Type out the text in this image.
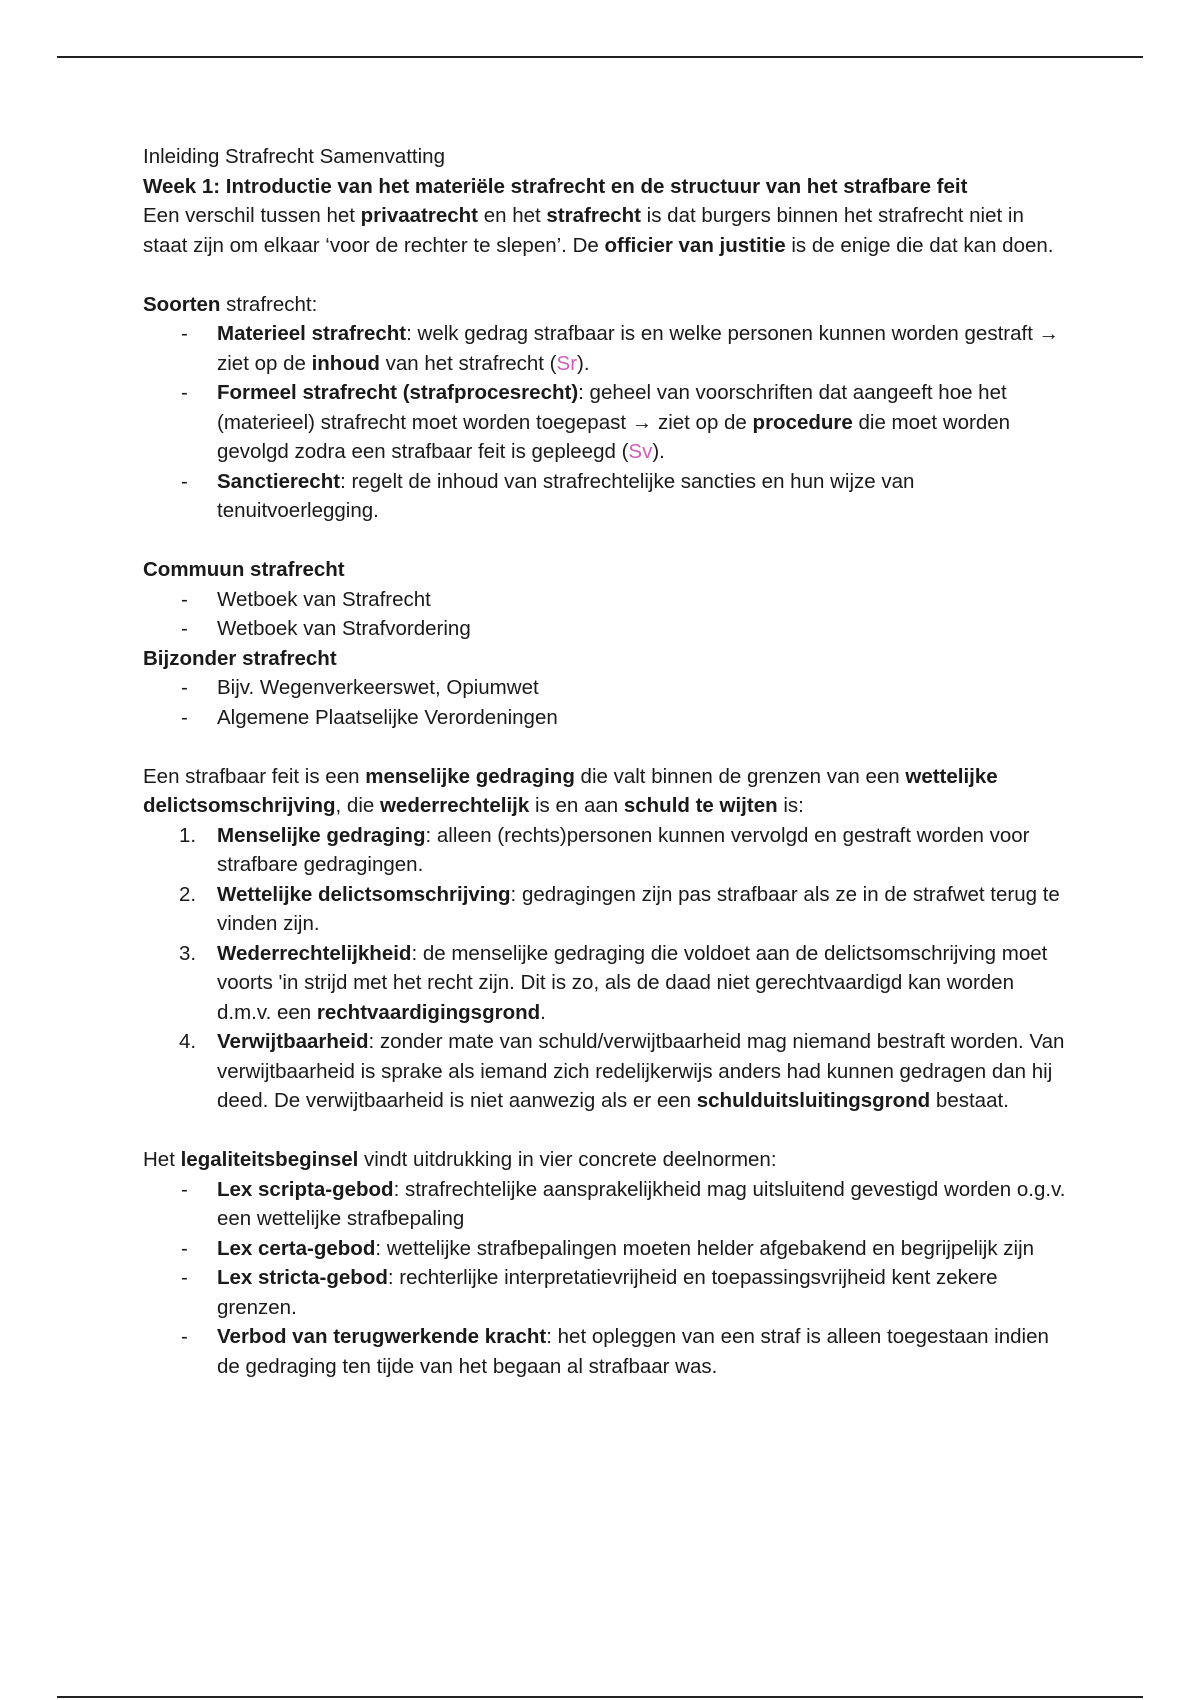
Inleiding Strafrecht Samenvatting

Week 1: Introductie van het materiële strafrecht en de structuur van het strafbare feit

Een verschil tussen het privaatrecht en het strafrecht is dat burgers binnen het strafrecht niet in staat zijn om elkaar ‘voor de rechter te slepen’. De officier van justitie is de enige die dat kan doen.

Soorten strafrecht:

- Materieel strafrecht: welk gedrag strafbaar is en welke personen kunnen worden gestraft → ziet op de inhoud van het strafrecht (Sr).
- Formeel strafrecht (strafprocesrecht): geheel van voorschriften dat aangeeft hoe het (materieel) strafrecht moet worden toegepast → ziet op de procedure die moet worden gevolgd zodra een strafbaar feit is gepleegd (Sv).
- Sanctierecht: regelt de inhoud van strafrechtelijke sancties en hun wijze van tenuitvoerlegging.

Commuun strafrecht

- Wetboek van Strafrecht
- Wetboek van Strafvordering

Bijzonder strafrecht

- Bijv. Wegenverkeerswet, Opiumwet
- Algemene Plaatselijke Verordeningen

Een strafbaar feit is een menselijke gedraging die valt binnen de grenzen van een wettelijke delictsomschrijving, die wederrechtelijk is en aan schuld te wijten is:

1. Menselijke gedraging: alleen (rechts)personen kunnen vervolgd en gestraft worden voor strafbare gedragingen.
2. Wettelijke delictsomschrijving: gedragingen zijn pas strafbaar als ze in de strafwet terug te vinden zijn.
3. Wederrechtelijkheid: de menselijke gedraging die voldoet aan de delictsomschrijving moet voorts 'in strijd met het recht zijn. Dit is zo, als de daad niet gerechtvaardigd kan worden d.m.v. een rechtvaardigingsgrond.
4. Verwijtbaarheid: zonder mate van schuld/verwijtbaarheid mag niemand bestraft worden. Van verwijtbaarheid is sprake als iemand zich redelijkerwijs anders had kunnen gedragen dan hij deed. De verwijtbaarheid is niet aanwezig als er een schulduitsluitingsgrond bestaat.

Het legaliteitsbeginsel vindt uitdrukking in vier concrete deelnormen:

- Lex scripta-gebod: strafrechtelijke aansprakelijkheid mag uitsluitend gevestigd worden o.g.v. een wettelijke strafbepaling
- Lex certa-gebod: wettelijke strafbepalingen moeten helder afgebakend en begrijpelijk zijn
- Lex stricta-gebod: rechterlijke interpretatievrijheid en toepassingsvrijheid kent zekere grenzen.
- Verbod van terugwerkende kracht: het opleggen van een straf is alleen toegestaan indien de gedraging ten tijde van het begaan al strafbaar was.
